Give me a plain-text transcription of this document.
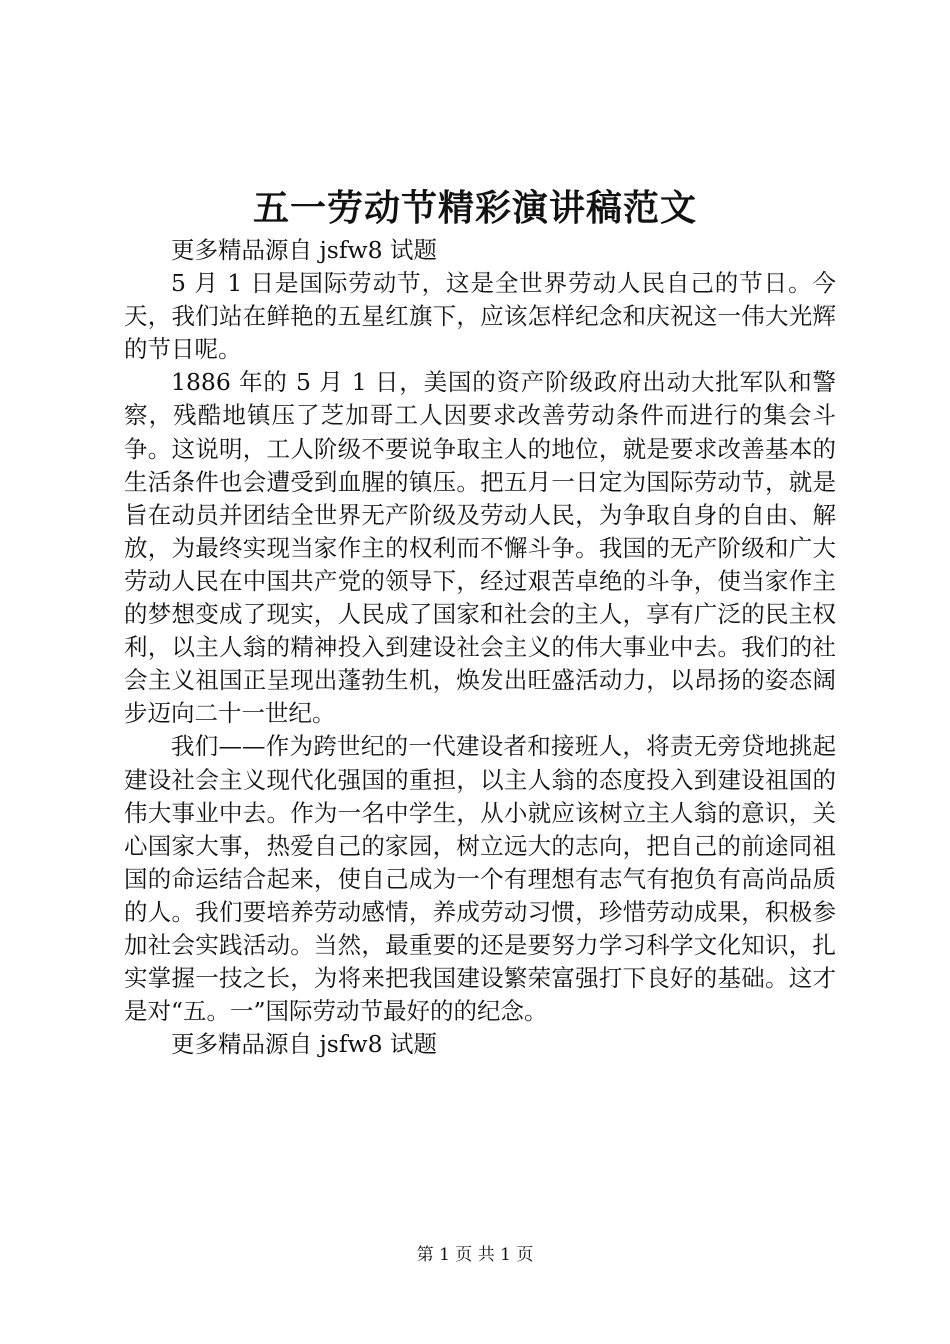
五一劳动节精彩演讲稿范文

更多精品源自 jsfw8 试题

5 月 1 日是国际劳动节，这是全世界劳动人民自己的节日。今天，我们站在鲜艳的五星红旗下，应该怎样纪念和庆祝这一伟大光辉的节日呢。

1886 年的 5 月 1 日，美国的资产阶级政府出动大批军队和警察，残酷地镇压了芝加哥工人因要求改善劳动条件而进行的集会斗争。这说明，工人阶级不要说争取主人的地位，就是要求改善基本的生活条件也会遭受到血腥的镇压。把五月一日定为国际劳动节，就是旨在动员并团结全世界无产阶级及劳动人民，为争取自身的自由、解放，为最终实现当家作主的权利而不懈斗争。我国的无产阶级和广大劳动人民在中国共产党的领导下，经过艰苦卓绝的斗争，使当家作主的梦想变成了现实，人民成了国家和社会的主人，享有广泛的民主权利，以主人翁的精神投入到建设社会主义的伟大事业中去。我们的社会主义祖国正呈现出蓬勃生机，焕发出旺盛活动力，以昂扬的姿态阔步迈向二十一世纪。

我们——作为跨世纪的一代建设者和接班人，将责无旁贷地挑起建设社会主义现代化强国的重担，以主人翁的态度投入到建设祖国的伟大事业中去。作为一名中学生，从小就应该树立主人翁的意识，关心国家大事，热爱自己的家园，树立远大的志向，把自己的前途同祖国的命运结合起来，使自己成为一个有理想有志气有抱负有高尚品质的人。我们要培养劳动感情，养成劳动习惯，珍惜劳动成果，积极参加社会实践活动。当然，最重要的还是要努力学习科学文化知识，扎实掌握一技之长，为将来把我国建设繁荣富强打下良好的基础。这才是对“五。一”国际劳动节最好的的纪念。

更多精品源自 jsfw8 试题

第 1 页 共 1 页
